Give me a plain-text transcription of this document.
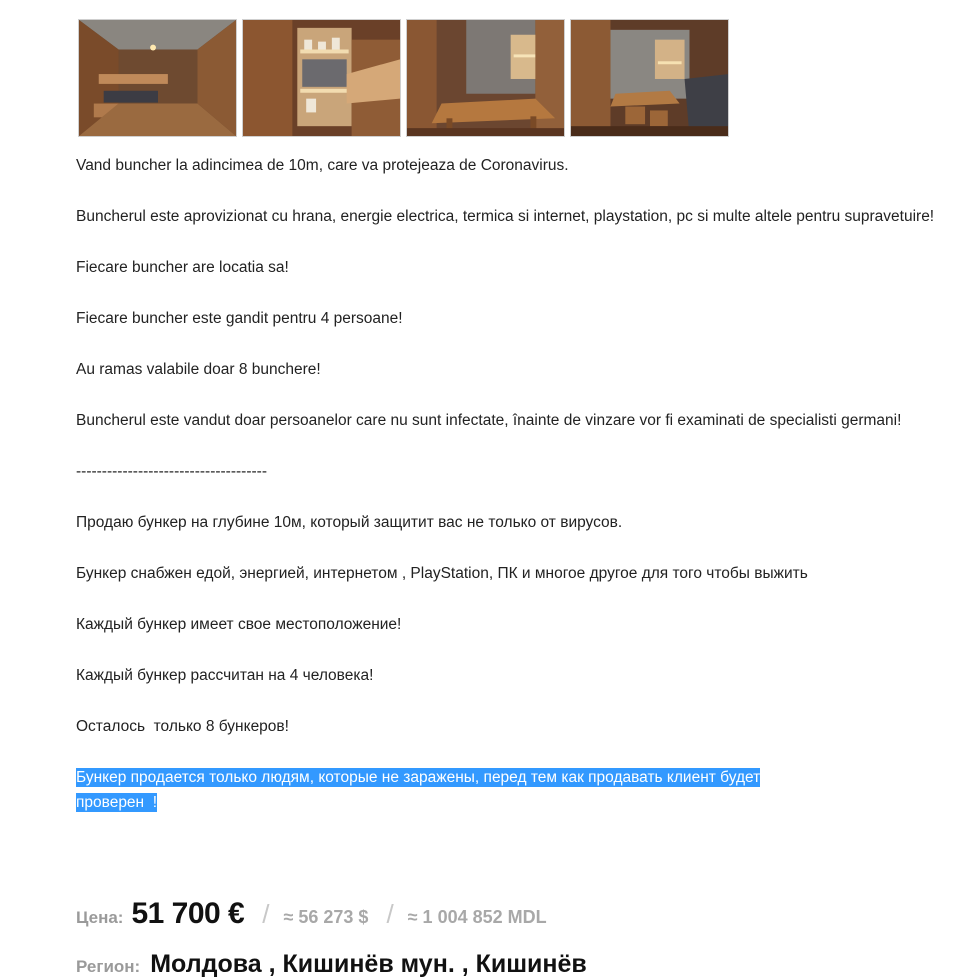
Vand buncher la adincimea de 10m, care va protejeaza de Coronavirus.

Buncherul este aprovizionat cu hrana, energie electrica, termica si internet, playstation, pc si multe altele pentru supravetuire!

Fiecare buncher are locatia sa!

Fiecare buncher este gandit pentru 4 persoane!

Au ramas valabile doar 8 bunchere!

Buncherul este vandut doar persoanelor care nu sunt infectate, înainte de vinzare vor fi examinati de specialisti germani!

-------------------------------------

Продаю бункер на глубине 10м, который защитит вас не только от вирусов.

Бункер снабжен едой, энергией, интернетом , PlayStation, ПК и многое другое для того чтобы выжить

Каждый бункер имеет свое местоположение!

Каждый бункер рассчитан на 4 человека!

Осталось  только 8 бункеров!

Бункер продается только людям, которые не заражены, перед тем как продавать клиент будет
проверен  !

Цена: 51 700 € / ≈ 56 273 $ / ≈ 1 004 852 MDL
Регион: Молдова , Кишинёв мун. , Кишинёв
